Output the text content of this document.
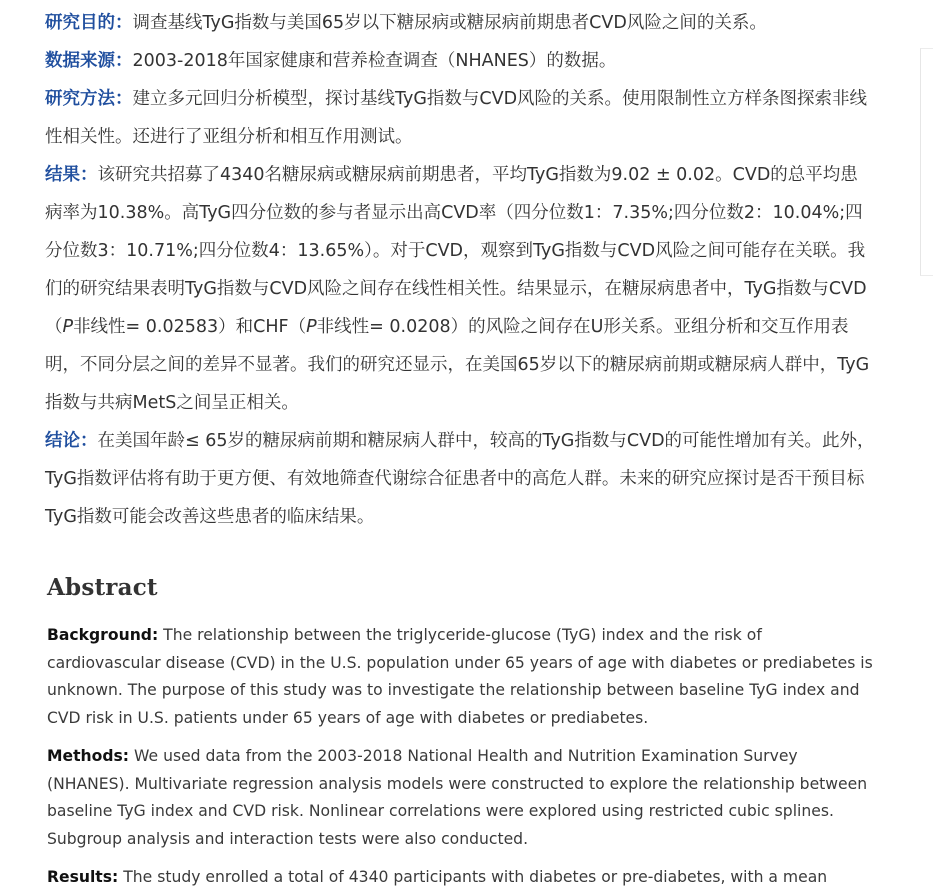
研究目的：调查基线TyG指数与美国65岁以下糖尿病或糖尿病前期患者CVD风险之间的关系。

数据来源：2003-2018年国家健康和营养检查调查（NHANES）的数据。

研究方法：建立多元回归分析模型，探讨基线TyG指数与CVD风险的关系。使用限制性立方样条图探索非线性相关性。还进行了亚组分析和相互作用测试。

结果：该研究共招募了4340名糖尿病或糖尿病前期患者，平均TyG指数为9.02 ± 0.02。CVD的总平均患病率为10.38%。高TyG四分位数的参与者显示出高CVD率（四分位数1：7.35%;四分位数2：10.04%;四分位数3：10.71%;四分位数4：13.65%）。对于CVD，观察到TyG指数与CVD风险之间可能存在关联。我们的研究结果表明TyG指数与CVD风险之间存在线性相关性。结果显示，在糖尿病患者中，TyG指数与CVD（P非线性= 0.02583）和CHF（P非线性= 0.0208）的风险之间存在U形关系。亚组分析和交互作用表明，不同分层之间的差异不显著。我们的研究还显示，在美国65岁以下的糖尿病前期或糖尿病人群中，TyG指数与共病MetS之间呈正相关。

结论：在美国年龄≤ 65岁的糖尿病前期和糖尿病人群中，较高的TyG指数与CVD的可能性增加有关。此外，TyG指数评估将有助于更方便、有效地筛查代谢综合征患者中的高危人群。未来的研究应探讨是否干预目标TyG指数可能会改善这些患者的临床结果。

Abstract

Background: The relationship between the triglyceride-glucose (TyG) index and the risk of cardiovascular disease (CVD) in the U.S. population under 65 years of age with diabetes or prediabetes is unknown. The purpose of this study was to investigate the relationship between baseline TyG index and CVD risk in U.S. patients under 65 years of age with diabetes or prediabetes.

Methods: We used data from the 2003-2018 National Health and Nutrition Examination Survey (NHANES). Multivariate regression analysis models were constructed to explore the relationship between baseline TyG index and CVD risk. Nonlinear correlations were explored using restricted cubic splines. Subgroup analysis and interaction tests were also conducted.

Results: The study enrolled a total of 4340 participants with diabetes or pre-diabetes, with a mean
